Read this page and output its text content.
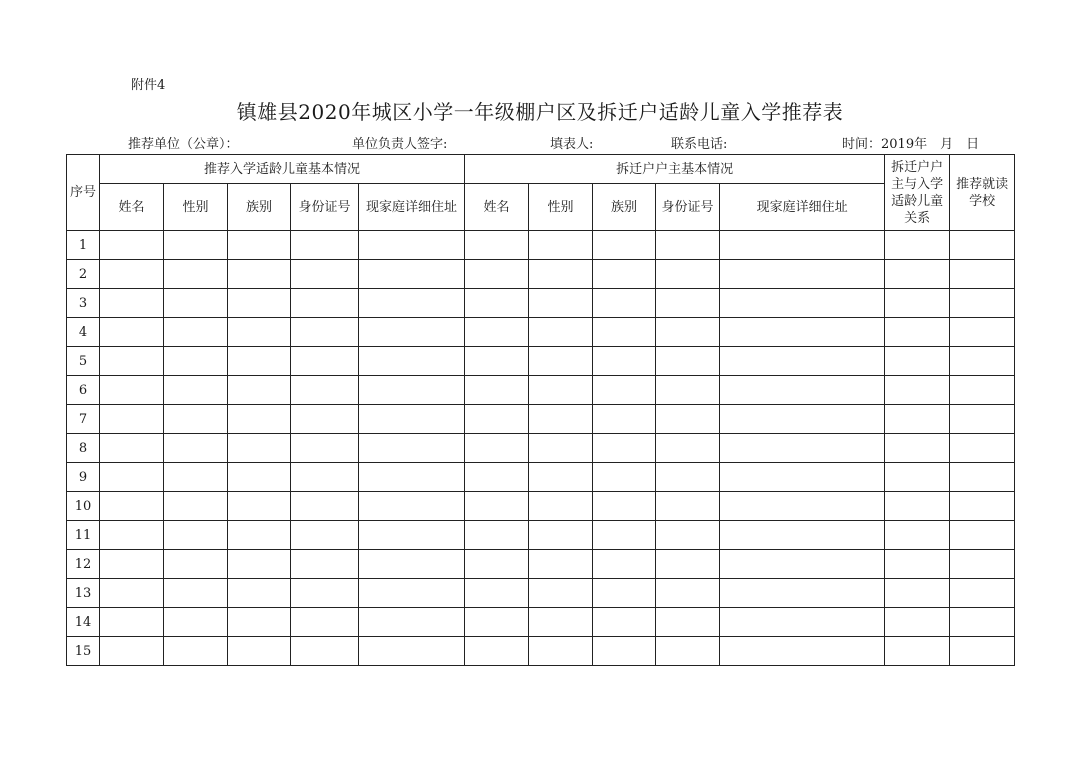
附件4
镇雄县2020年城区小学一年级棚户区及拆迁户适龄儿童入学推荐表
推荐单位（公章）：	单位负责人签字:	填表人:	联系电话:	时间：2019年　月　日
序号	推荐入学适龄儿童基本情况					拆迁户户主基本情况					拆迁户户主与入学适龄儿童关系	推荐就读学校

	姓名	性别	族别	身份证号	现家庭详细住址	姓名	性别	族别	身份证号	现家庭详细住址		
1												
2												
3												
4												
5												
6												
7												
8												
9												
10												
11												
12												
13												
14												
15												
